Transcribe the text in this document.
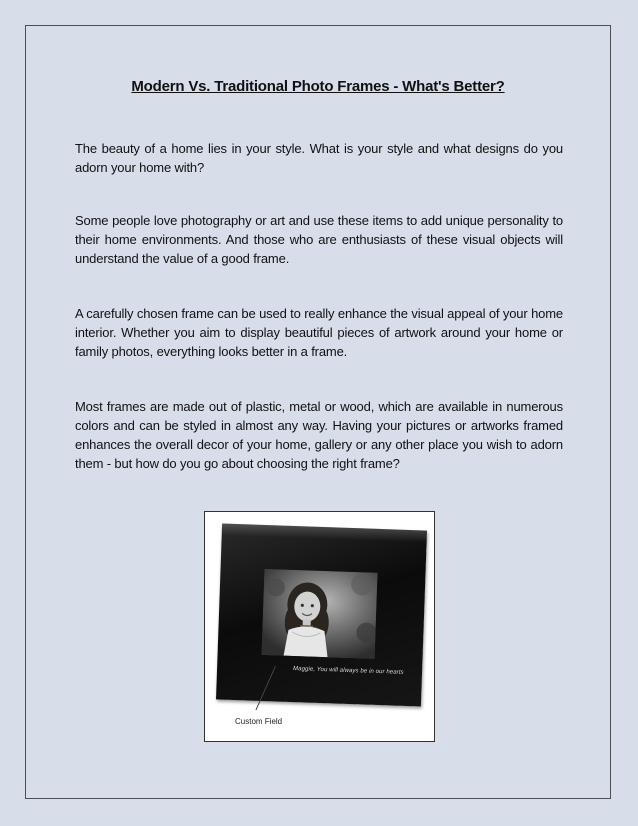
Modern Vs. Traditional Photo Frames - What's Better?

The beauty of a home lies in your style. What is your style and what designs do you adorn your home with?

Some people love photography or art and use these items to add unique personality to their home environments. And those who are enthusiasts of these visual objects will understand the value of a good frame.

A carefully chosen frame can be used to really enhance the visual appeal of your home interior. Whether you aim to display beautiful pieces of artwork around your home or family photos, everything looks better in a frame.

Most frames are made out of plastic, metal or wood, which are available in numerous colors and can be styled in almost any way. Having your pictures or artworks framed enhances the overall decor of your home, gallery or any other place you wish to adorn them - but how do you go about choosing the right frame?

Maggie, You will always be in our hearts
Custom Field
